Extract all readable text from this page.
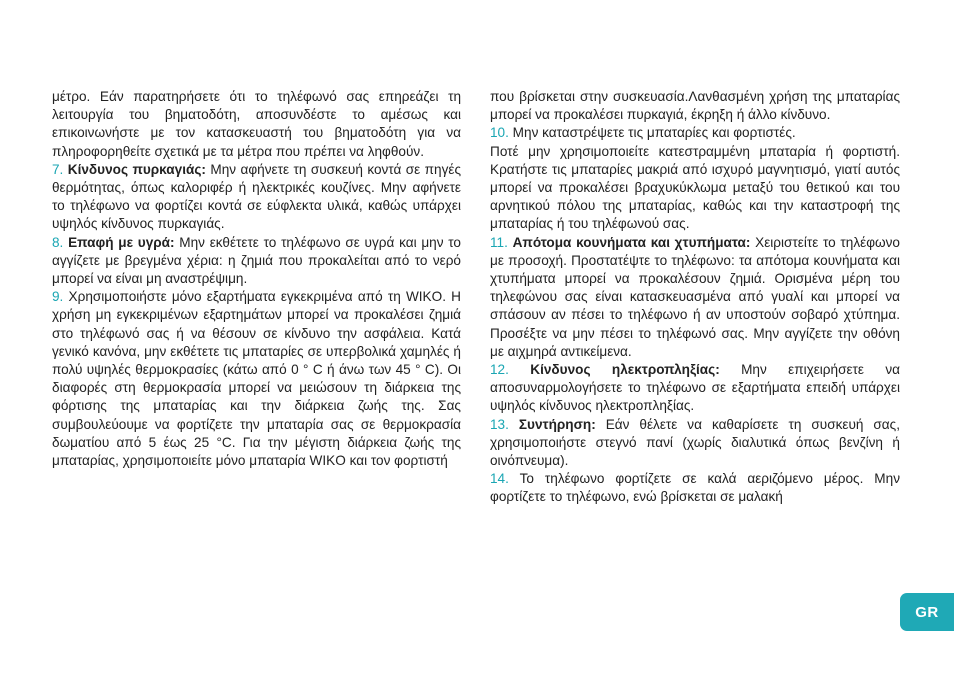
μέτρο. Εάν παρατηρήσετε ότι το τηλέφωνό σας επηρεάζει τη λειτουργία του βηματοδότη, αποσυνδέστε το αμέσως και επικοινωνήστε με τον κατασκευαστή του βηματοδότη για να πληροφορηθείτε σχετικά με τα μέτρα που πρέπει να ληφθούν.

7. Κίνδυνος πυρκαγιάς: Μην αφήνετε τη συσκευή κοντά σε πηγές θερμότητας, όπως καλοριφέρ ή ηλεκτρικές κουζίνες. Μην αφήνετε το τηλέφωνο να φορτίζει κοντά σε εύφλεκτα υλικά, καθώς υπάρχει υψηλός κίνδυνος πυρκαγιάς.

8. Επαφή με υγρά: Μην εκθέτετε το τηλέφωνο σε υγρά και μην το αγγίζετε με βρεγμένα χέρια: η ζημιά που προκαλείται από το νερό μπορεί να είναι μη αναστρέψιμη.

9. Χρησιμοποιήστε μόνο εξαρτήματα εγκεκριμένα από τη WIKO. Η χρήση μη εγκεκριμένων εξαρτημάτων μπορεί να προκαλέσει ζημιά στο τηλέφωνό σας ή να θέσουν σε κίνδυνο την ασφάλεια. Κατά γενικό κανόνα, μην εκθέτετε τις μπαταρίες σε υπερβολικά χαμηλές ή πολύ υψηλές θερμοκρασίες (κάτω από 0 ° C ή άνω των 45 ° C). Οι διαφορές στη θερμοκρασία μπορεί να μειώσουν τη διάρκεια της φόρτισης της μπαταρίας και την διάρκεια ζωής της. Σας συμβουλεύουμε να φορτίζετε την μπαταρία σας σε θερμοκρασία δωματίου από 5 έως 25 °C. Για την μέγιστη διάρκεια ζωής της μπαταρίας, χρησιμοποιείτε μόνο μπαταρία WIKO και τον φορτιστή

που βρίσκεται στην συσκευασία.Λανθασμένη χρήση της μπαταρίας μπορεί να προκαλέσει πυρκαγιά, έκρηξη ή άλλο κίνδυνο.

10. Μην καταστρέψετε τις μπαταρίες και φορτιστές.

Ποτέ μην χρησιμοποιείτε κατεστραμμένη μπαταρία ή φορτιστή. Κρατήστε τις μπαταρίες μακριά από ισχυρό μαγνητισμό, γιατί αυτός μπορεί να προκαλέσει βραχυκύκλωμα μεταξύ του θετικού και του αρνητικού πόλου της μπαταρίας, καθώς και την καταστροφή της μπαταρίας ή του τηλέφωνού σας.

11. Απότομα κουνήματα και χτυπήματα: Χειριστείτε το τηλέφωνο με προσοχή. Προστατέψτε το τηλέφωνο: τα απότομα κουνήματα και χτυπήματα μπορεί να προκαλέσουν ζημιά. Ορισμένα μέρη του τηλεφώνου σας είναι κατασκευασμένα από γυαλί και μπορεί να σπάσουν αν πέσει το τηλέφωνο ή αν υποστούν σοβαρό χτύπημα. Προσέξτε να μην πέσει το τηλέφωνό σας. Μην αγγίζετε την οθόνη με αιχμηρά αντικείμενα.

12. Κίνδυνος ηλεκτροπληξίας: Μην επιχειρήσετε να αποσυναρμολογήσετε το τηλέφωνο σε εξαρτήματα επειδή υπάρχει υψηλός κίνδυνος ηλεκτροπληξίας.

13. Συντήρηση: Εάν θέλετε να καθαρίσετε τη συσκευή σας, χρησιμοποιήστε στεγνό πανί (χωρίς διαλυτικά όπως βενζίνη ή οινόπνευμα).

14. Το τηλέφωνο φορτίζετε σε καλά αεριζόμενο μέρος. Μην φορτίζετε το τηλέφωνο, ενώ βρίσκεται σε μαλακή

GR
